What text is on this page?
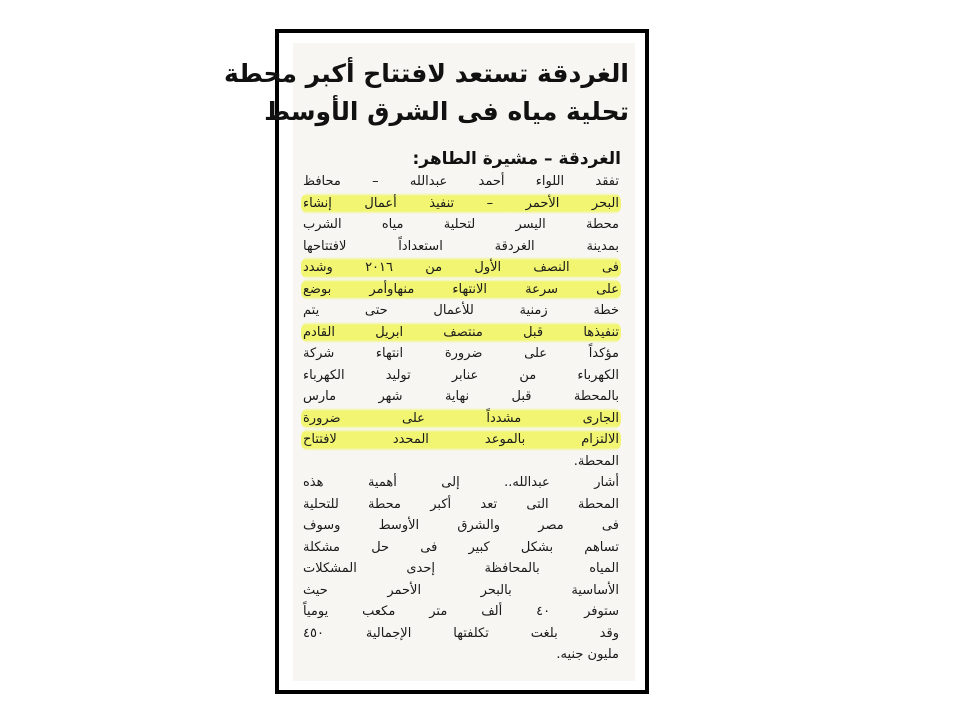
الغردقة تستعد لافتتاح أكبر محطة
تحلية مياه فى الشرق الأوسط
الغردقة – مشيرة الطاهر:
تفقد اللواء أحمد عبدالله – محافظ
البحر الأحمر – تنفيذ أعمال إنشاء
محطة اليسر لتحلية مياه الشرب
بمدينة الغردقة استعداداً لافتتاحها
فى النصف الأول من ٢٠١٦ وشدد
على سرعة الانتهاء منهاوأمر بوضع
خطة زمنية للأعمال حتى يتم
تنفيذها قبل منتصف ابريل القادم
مؤكداً على ضرورة انتهاء شركة
الكهرباء من عنابر توليد الكهرباء
بالمحطة قبل نهاية شهر مارس
الجارى مشدداً على ضرورة
الالتزام بالموعد المحدد لافتتاح
المحطة.
أشار عبدالله.. إلى أهمية هذه
المحطة التى تعد أكبر محطة للتحلية
فى مصر والشرق الأوسط وسوف
تساهم بشكل كبير فى حل مشكلة
المياه بالمحافظة إحدى المشكلات
الأساسية بالبحر الأحمر حيث
ستوفر ٤٠ ألف متر مكعب يومياً
وقد بلغت تكلفتها الإجمالية ٤٥٠
مليون جنيه.
